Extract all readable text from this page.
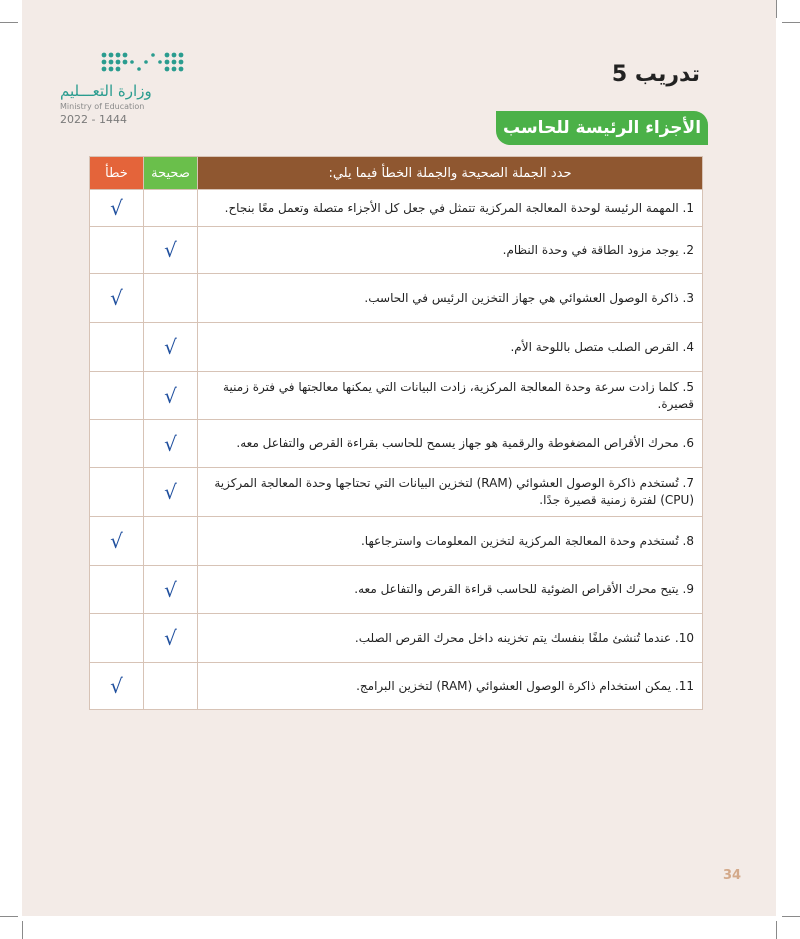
وزارة التعـــليم
Ministry of Education
2022 - 1444
تدريب 5
الأجزاء الرئيسة للحاسب
خطأ	صحيحة	حدد الجملة الصحيحة والجملة الخطأ فيما يلي:
√		1. المهمة الرئيسة لوحدة المعالجة المركزية تتمثل في جعل كل الأجزاء متصلة وتعمل معًا بنجاح.
	√	2. يوجد مزود الطاقة في وحدة النظام.
√		3. ذاكرة الوصول العشوائي هي جهاز التخزين الرئيس في الحاسب.
	√	4. القرص الصلب متصل باللوحة الأم.
	√	5. كلما زادت سرعة وحدة المعالجة المركزية، زادت البيانات التي يمكنها معالجتها في فترة زمنية قصيرة.
	√	6. محرك الأقراص المضغوطة والرقمية هو جهاز يسمح للحاسب بقراءة القرص والتفاعل معه.
	√	7. تُستخدم ذاكرة الوصول العشوائي (RAM) لتخزين البيانات التي تحتاجها وحدة المعالجة المركزية (CPU) لفترة زمنية قصيرة جدًا.
√		8. تُستخدم وحدة المعالجة المركزية لتخزين المعلومات واسترجاعها.
	√	9. يتيح محرك الأقراص الضوئية للحاسب قراءة القرص والتفاعل معه.
	√	10. عندما تُنشئ ملفًا بنفسك يتم تخزينه داخل محرك القرص الصلب.
√		11. يمكن استخدام ذاكرة الوصول العشوائي (RAM) لتخزين البرامج.
34
